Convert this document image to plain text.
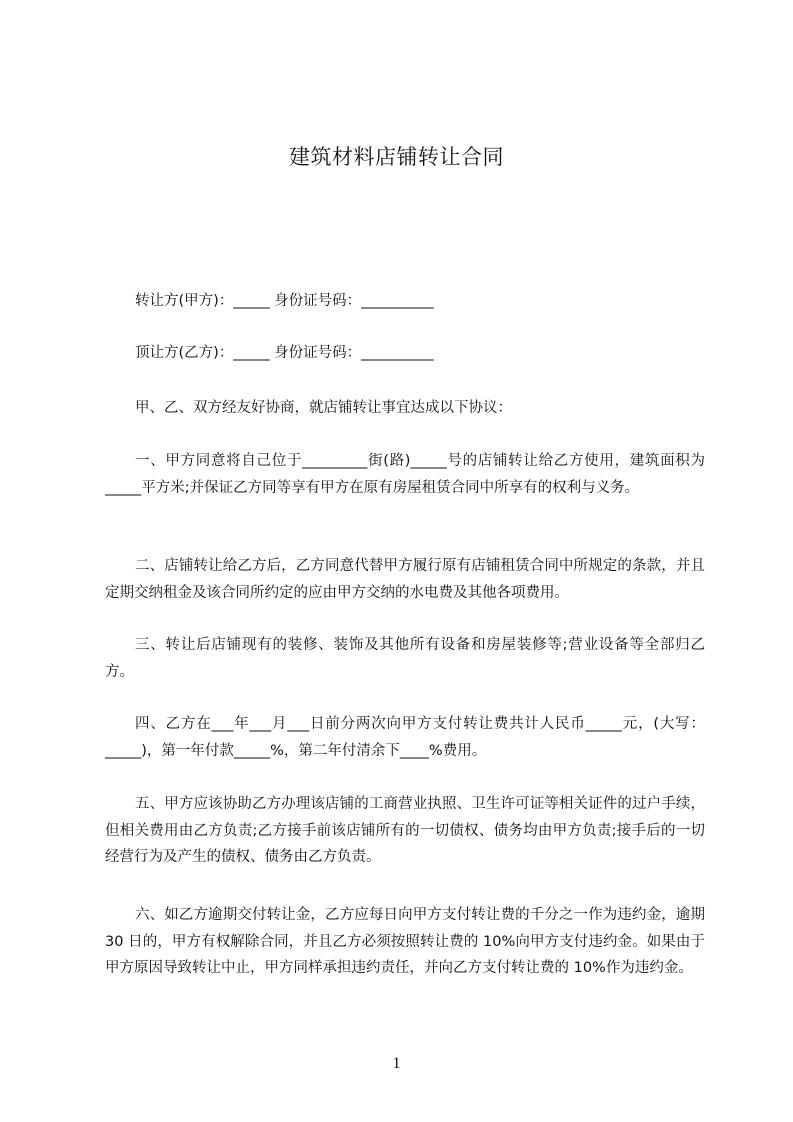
建筑材料店铺转让合同
转让方(甲方)：_____ 身份证号码：__________
顶让方(乙方)：_____ 身份证号码：__________
甲、乙、双方经友好协商，就店铺转让事宜达成以下协议：
一、甲方同意将自己位于_________街(路)_____号的店铺转让给乙方使用，建筑面积为_____平方米;并保证乙方同等享有甲方在原有房屋租赁合同中所享有的权利与义务。
二、店铺转让给乙方后，乙方同意代替甲方履行原有店铺租赁合同中所规定的条款，并且定期交纳租金及该合同所约定的应由甲方交纳的水电费及其他各项费用。
三、转让后店铺现有的装修、装饰及其他所有设备和房屋装修等;营业设备等全部归乙方。
四、乙方在___年___月___日前分两次向甲方支付转让费共计人民币_____元，(大写：_____)，第一年付款_____%，第二年付清余下____%费用。
五、甲方应该协助乙方办理该店铺的工商营业执照、卫生许可证等相关证件的过户手续，但相关费用由乙方负责;乙方接手前该店铺所有的一切债权、债务均由甲方负责;接手后的一切经营行为及产生的债权、债务由乙方负责。
六、如乙方逾期交付转让金，乙方应每日向甲方支付转让费的千分之一作为违约金，逾期 30 日的，甲方有权解除合同，并且乙方必须按照转让费的 10%向甲方支付违约金。如果由于甲方原因导致转让中止，甲方同样承担违约责任，并向乙方支付转让费的 10%作为违约金。
1
